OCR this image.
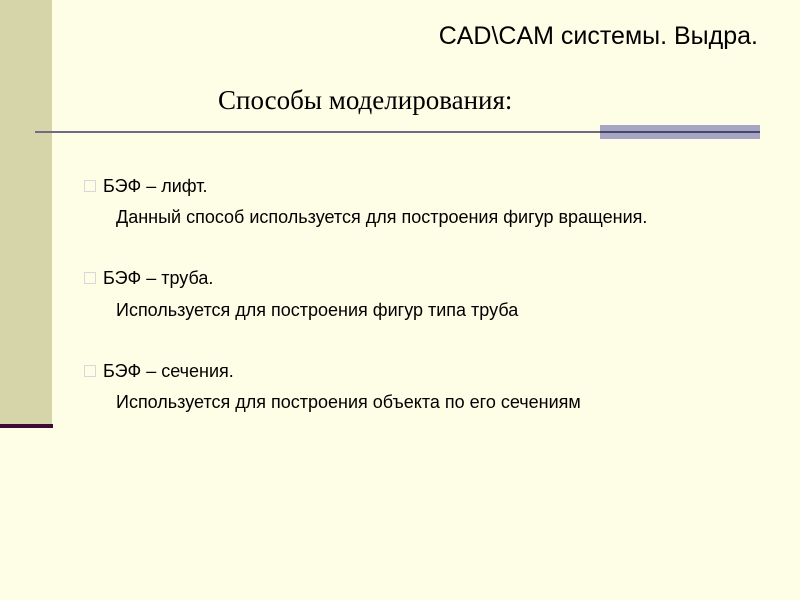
CAD\CAM системы. Выдра.
Способы моделирования:
БЭФ – лифт.
Данный способ используется для построения фигур вращения.
БЭФ – труба.
Используется для построения фигур типа труба
БЭФ – сечения.
Используется для построения объекта по его сечениям
